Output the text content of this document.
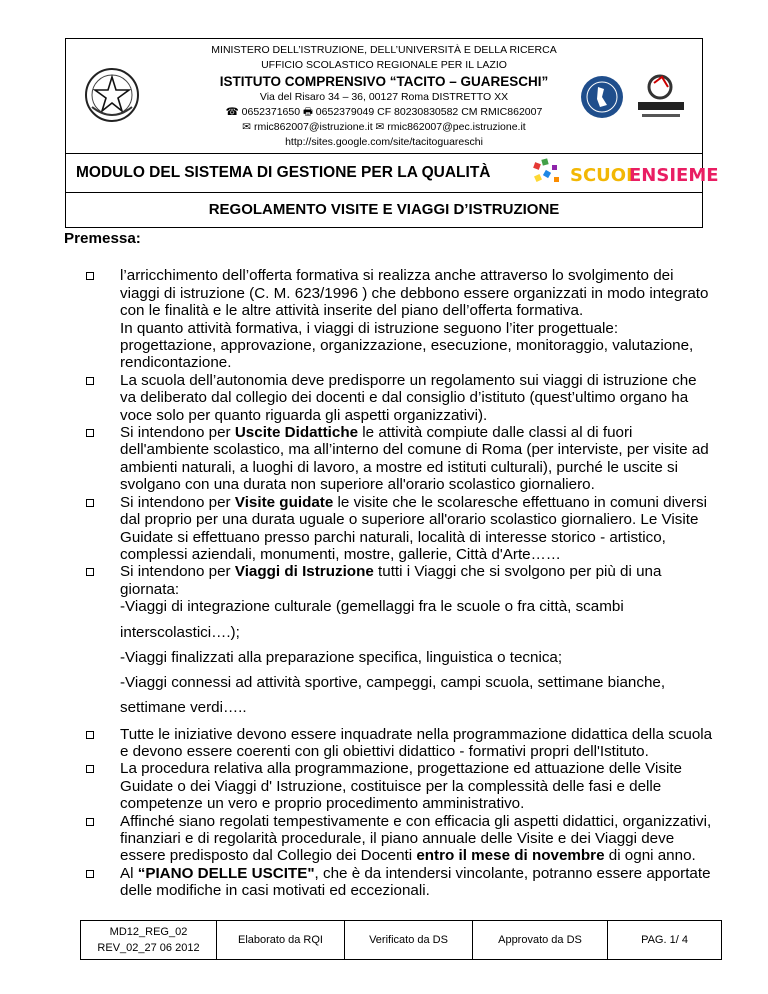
MINISTERO DELL’ISTRUZIONE, DELL’UNIVERSITÀ E DELLA RICERCA
UFFICIO SCOLASTICO REGIONALE PER IL LAZIO
ISTITUTO COMPRENSIVO “TACITO – GUARESCHI”
Via del Risaro 34 – 36, 00127 Roma DISTRETTO XX
☎ 0652371650 🖶 0652379049 CF 80230830582 CM RMIC862007
✉ rmic862007@istruzione.it ✉ rmic862007@pec.istruzione.it
http://sites.google.com/site/tacitoguareschi
MODULO DEL SISTEMA DI GESTIONE PER LA QUALITÀ	SCUOL
ENSIEME
REGOLAMENTO VISITE E VIAGGI D’ISTRUZIONE
Premessa:
l’arricchimento dell’offerta formativa si realizza anche attraverso lo svolgimento dei viaggi di istruzione (C. M. 623/1996 ) che debbono essere organizzati in modo integrato con le finalità e le altre attività inserite del piano dell’offerta formativa.
In quanto attività formativa, i viaggi di istruzione seguono l’iter progettuale: progettazione, approvazione, organizzazione, esecuzione, monitoraggio, valutazione, rendicontazione.
La scuola dell’autonomia deve predisporre un regolamento sui viaggi di istruzione che va deliberato dal collegio dei docenti e dal consiglio d’istituto (quest’ultimo organo ha voce solo per quanto riguarda gli aspetti organizzativi).
Si intendono per Uscite Didattiche le attività compiute dalle classi al di fuori dell'ambiente scolastico, ma all’interno del comune di Roma (per interviste, per visite ad ambienti naturali, a luoghi di lavoro, a mostre ed istituti culturali), purché le uscite si svolgano con una durata non superiore all'orario scolastico giornaliero.
Si intendono per Visite guidate le visite che le scolaresche effettuano in comuni diversi dal proprio per una durata uguale o superiore all'orario scolastico giornaliero. Le Visite Guidate si effettuano presso parchi naturali, località di interesse storico - artistico, complessi aziendali, monumenti, mostre, gallerie, Città d'Arte……
Si intendono per Viaggi di Istruzione tutti i Viaggi che si svolgono per più di una giornata:
-Viaggi di integrazione culturale (gemellaggi fra le scuole o fra città, scambi
interscolastici….);
-Viaggi finalizzati alla preparazione specifica, linguistica o tecnica;
-Viaggi connessi ad attività sportive, campeggi, campi scuola, settimane bianche,
settimane verdi…..
Tutte le iniziative devono essere inquadrate nella programmazione didattica della scuola e devono essere coerenti con gli obiettivi didattico - formativi propri dell'Istituto.
La procedura relativa alla programmazione, progettazione ed attuazione delle Visite Guidate o dei Viaggi d' Istruzione, costituisce per la complessità delle fasi e delle competenze un vero e proprio procedimento amministrativo.
Affinché siano regolati tempestivamente e con efficacia gli aspetti didattici, organizzativi, finanziari e di regolarità procedurale, il piano annuale delle Visite e dei Viaggi deve essere predisposto dal Collegio dei Docenti entro il mese di novembre di ogni anno.
Al “PIANO DELLE USCITE", che è da intendersi vincolante, potranno essere apportate delle modifiche in casi motivati ed eccezionali.
MD12_REG_02
REV_02_27 06 2012
Elaborato da RQI	Verificato da DS	Approvato da DS	PAG. 1/ 4
